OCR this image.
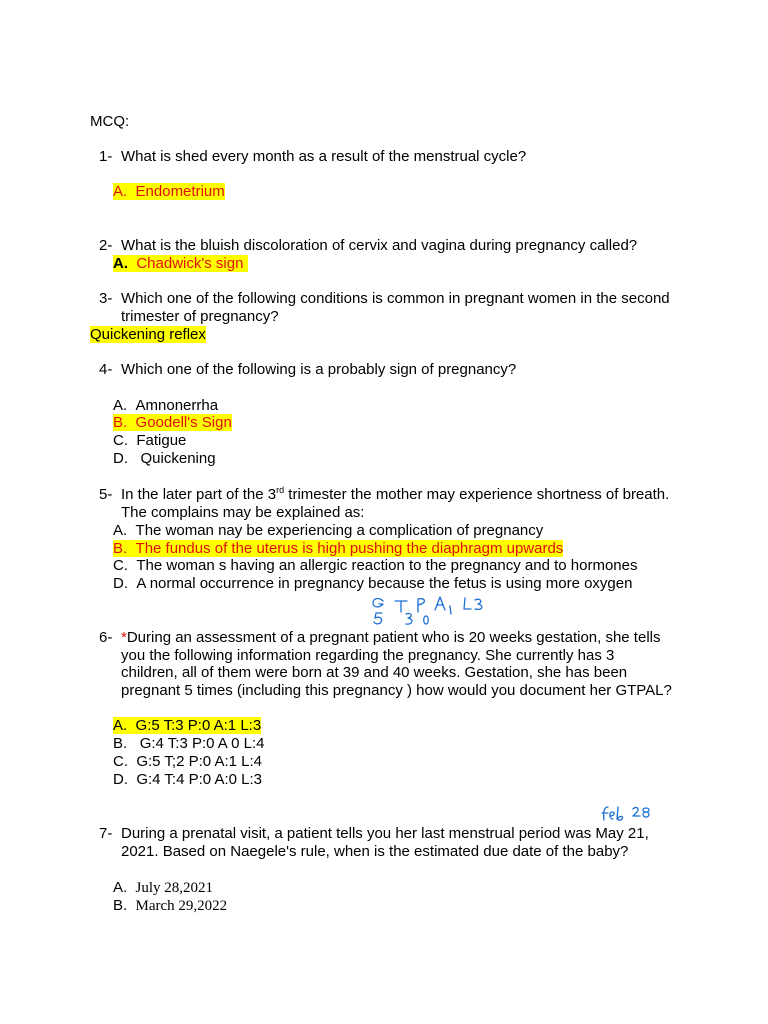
MCQ:
1- What is shed every month as a result of the menstrual cycle?
A. Endometrium
2- What is the bluish discoloration of cervix and vagina during pregnancy called?
A. Chadwick's sign
3- Which one of the following conditions is common in pregnant women in the second
trimester of pregnancy?
Quickening reflex
4- Which one of the following is a probably sign of pregnancy?
A. Amnonerrha
B. Goodell's Sign
C. Fatigue
D.   Quickening
5- In the later part of the 3rd trimester the mother may experience shortness of breath.
The complains may be explained as:
A. The woman nay be experiencing a complication of pregnancy
B. The fundus of the uterus is high pushing the diaphragm upwards
C. The woman s having an allergic reaction to the pregnancy and to hormones
D. A normal occurrence in pregnancy because the fetus is using more oxygen
6- *During an assessment of a pregnant patient who is 20 weeks gestation, she tells
you the following information regarding the pregnancy. She currently has 3
children, all of them were born at 39 and 40 weeks. Gestation, she has been
pregnant 5 times (including this pregnancy ) how would you document her GTPAL?
A. G:5 T:3 P:0 A:1 L:3
B.   G:4 T:3 P:0 A 0 L:4
C. G:5 T;2 P:0 A:1 L:4
D. G:4 T:4 P:0 A:0 L:3
7- During a prenatal visit, a patient tells you her last menstrual period was May 21,
2021. Based on Naegele's rule, when is the estimated due date of the baby?
A. July 28,2021
B. March 29,2022
